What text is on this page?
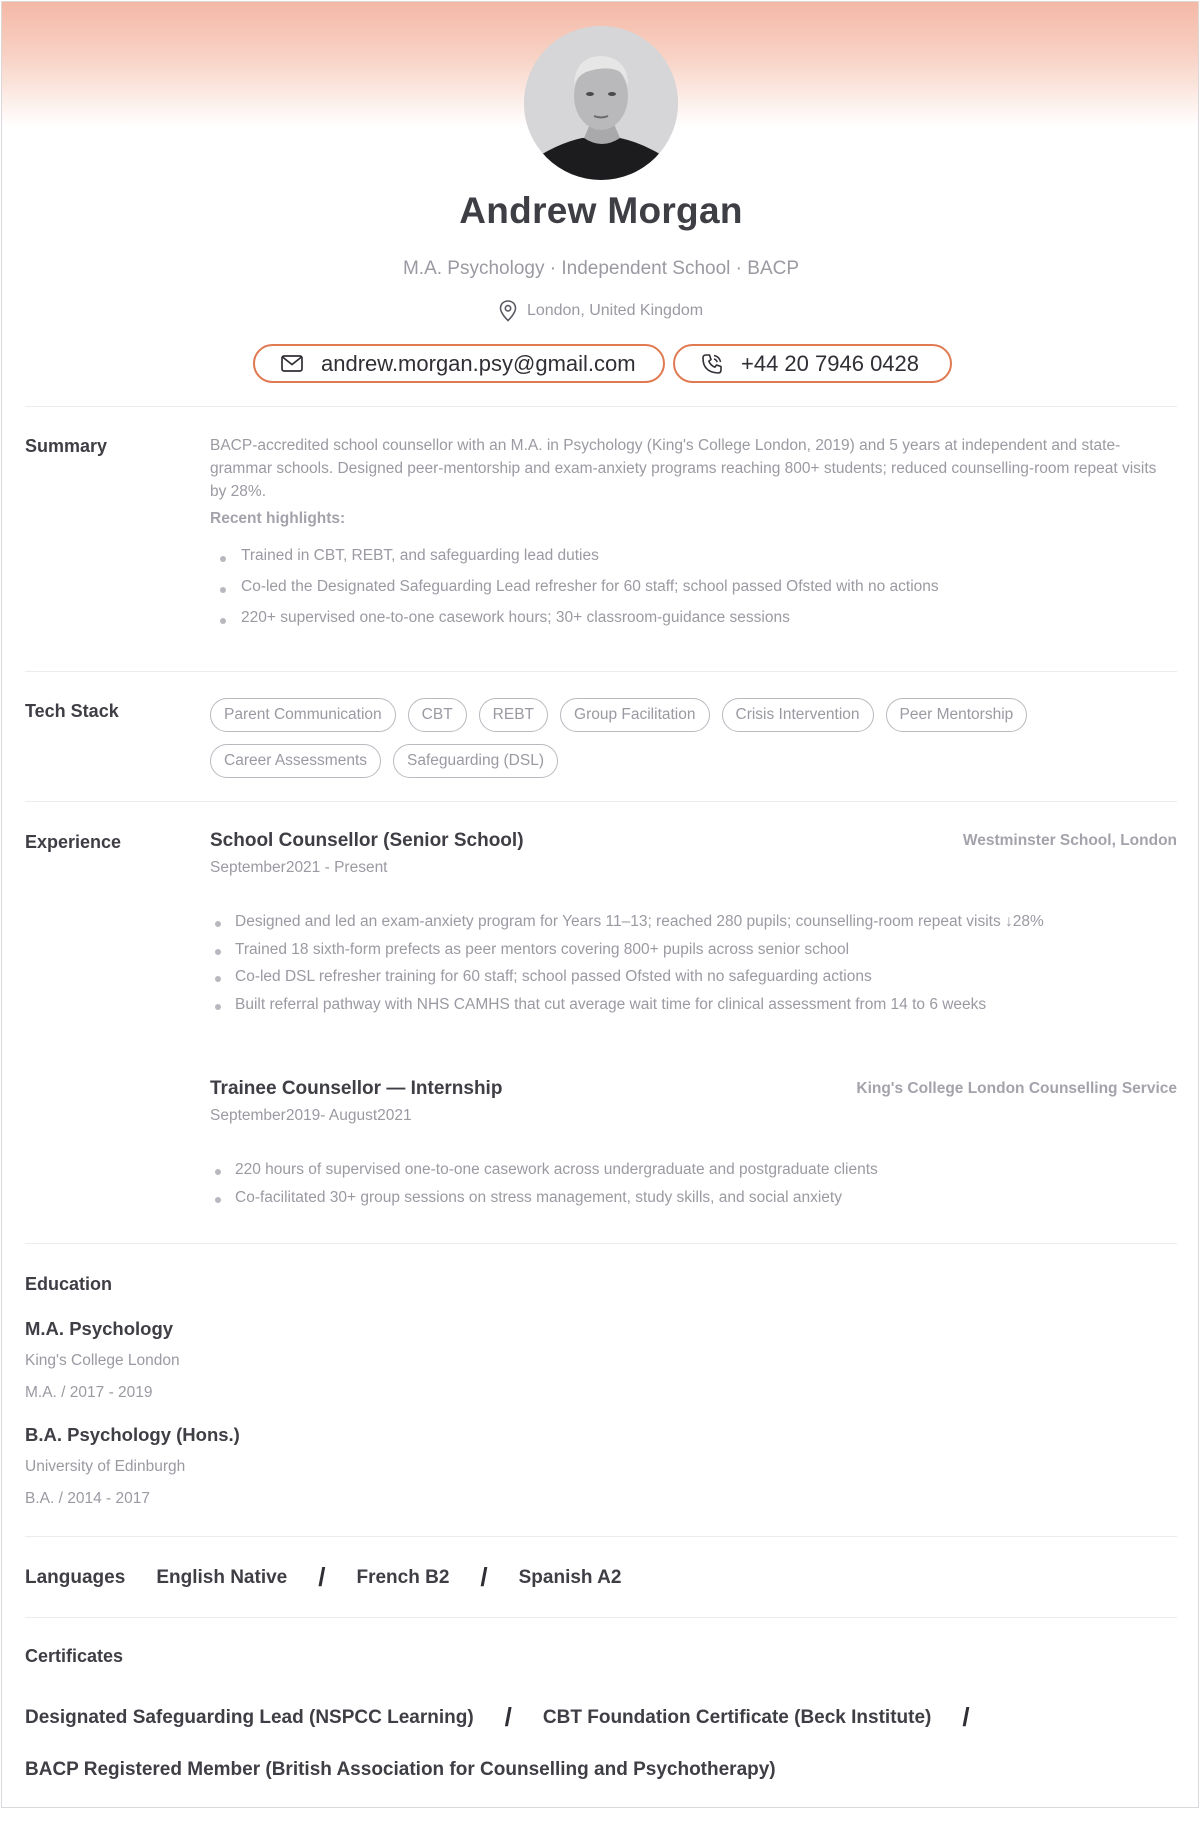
Andrew Morgan
M.A. Psychology · Independent School · BACP
London, United Kingdom
andrew.morgan.psy@gmail.com	+44 20 7946 0428
Summary	BACP-accredited school counsellor with an M.A. in Psychology (King's College London, 2019) and 5 years at independent and state-grammar schools. Designed peer-mentorship and exam-anxiety programs reaching 800+ students; reduced counselling-room repeat visits by 28%.
Recent highlights:
Trained in CBT, REBT, and safeguarding lead duties
Co-led the Designated Safeguarding Lead refresher for 60 staff; school passed Ofsted with no actions
220+ supervised one-to-one casework hours; 30+ classroom-guidance sessions
Tech Stack	Parent Communication	CBT	REBT	Group Facilitation	Crisis Intervention	Peer Mentorship
Career Assessments	Safeguarding (DSL)
Experience	School Counsellor (Senior School)	Westminster School, London
September2021 - Present
Designed and led an exam-anxiety program for Years 11–13; reached 280 pupils; counselling-room repeat visits ↓28%
Trained 18 sixth-form prefects as peer mentors covering 800+ pupils across senior school
Co-led DSL refresher training for 60 staff; school passed Ofsted with no safeguarding actions
Built referral pathway with NHS CAMHS that cut average wait time for clinical assessment from 14 to 6 weeks
Trainee Counsellor — Internship	King's College London Counselling Service
September2019- August2021
220 hours of supervised one-to-one casework across undergraduate and postgraduate clients
Co-facilitated 30+ group sessions on stress management, study skills, and social anxiety
Education
M.A. Psychology
King's College London
M.A. / 2017 - 2019
B.A. Psychology (Hons.)
University of Edinburgh
B.A. / 2014 - 2017
Languages English Native / French B2 / Spanish A2
Certificates
Designated Safeguarding Lead (NSPCC Learning) / CBT Foundation Certificate (Beck Institute) /
BACP Registered Member (British Association for Counselling and Psychotherapy)
